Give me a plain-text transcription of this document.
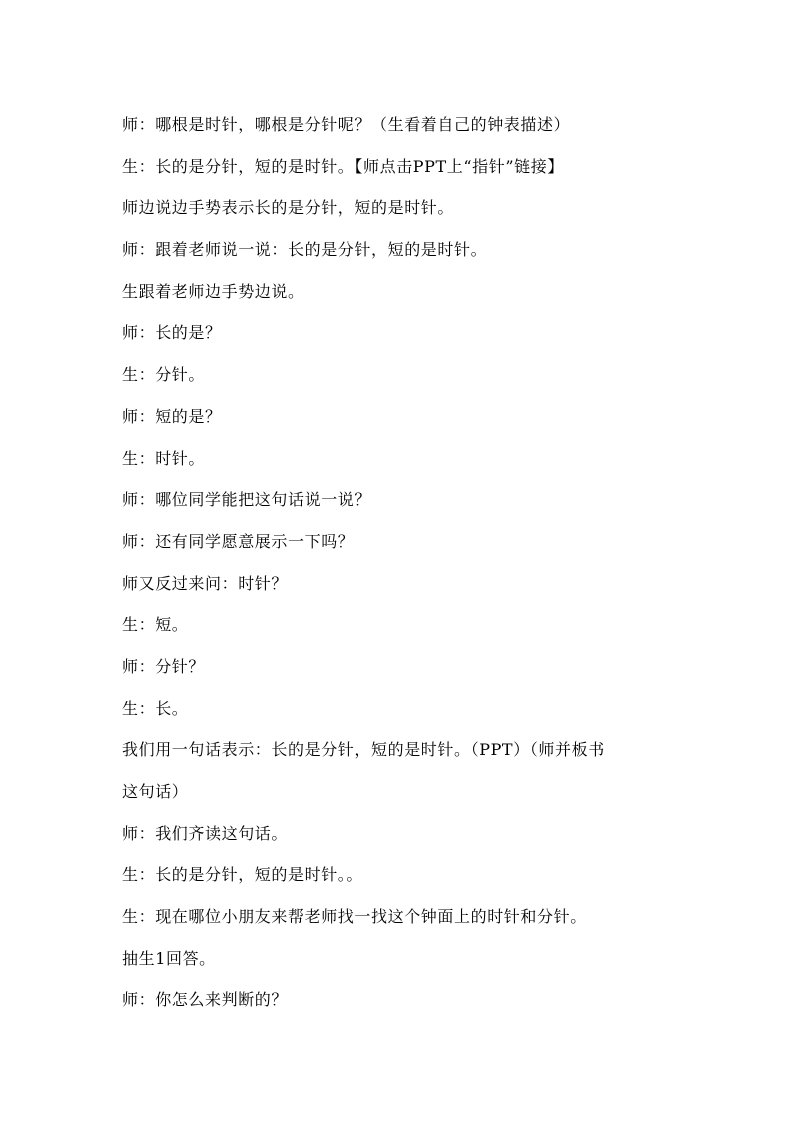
师：哪根是时针，哪根是分针呢？（生看着自己的钟表描述）
生：长的是分针，短的是时针。【师点击PPT上“指针”链接】
师边说边手势表示长的是分针，短的是时针。
师：跟着老师说一说：长的是分针，短的是时针。
生跟着老师边手势边说。
师：长的是？
生：分针。
师：短的是？
生：时针。
师：哪位同学能把这句话说一说？
师：还有同学愿意展示一下吗？
师又反过来问：时针？
生：短。
师：分针？
生：长。
我们用一句话表示：长的是分针，短的是时针。（PPT）（师并板书
这句话）
师：我们齐读这句话。
生：长的是分针，短的是时针。。
生：现在哪位小朋友来帮老师找一找这个钟面上的时针和分针。
抽生1回答。
师：你怎么来判断的？
